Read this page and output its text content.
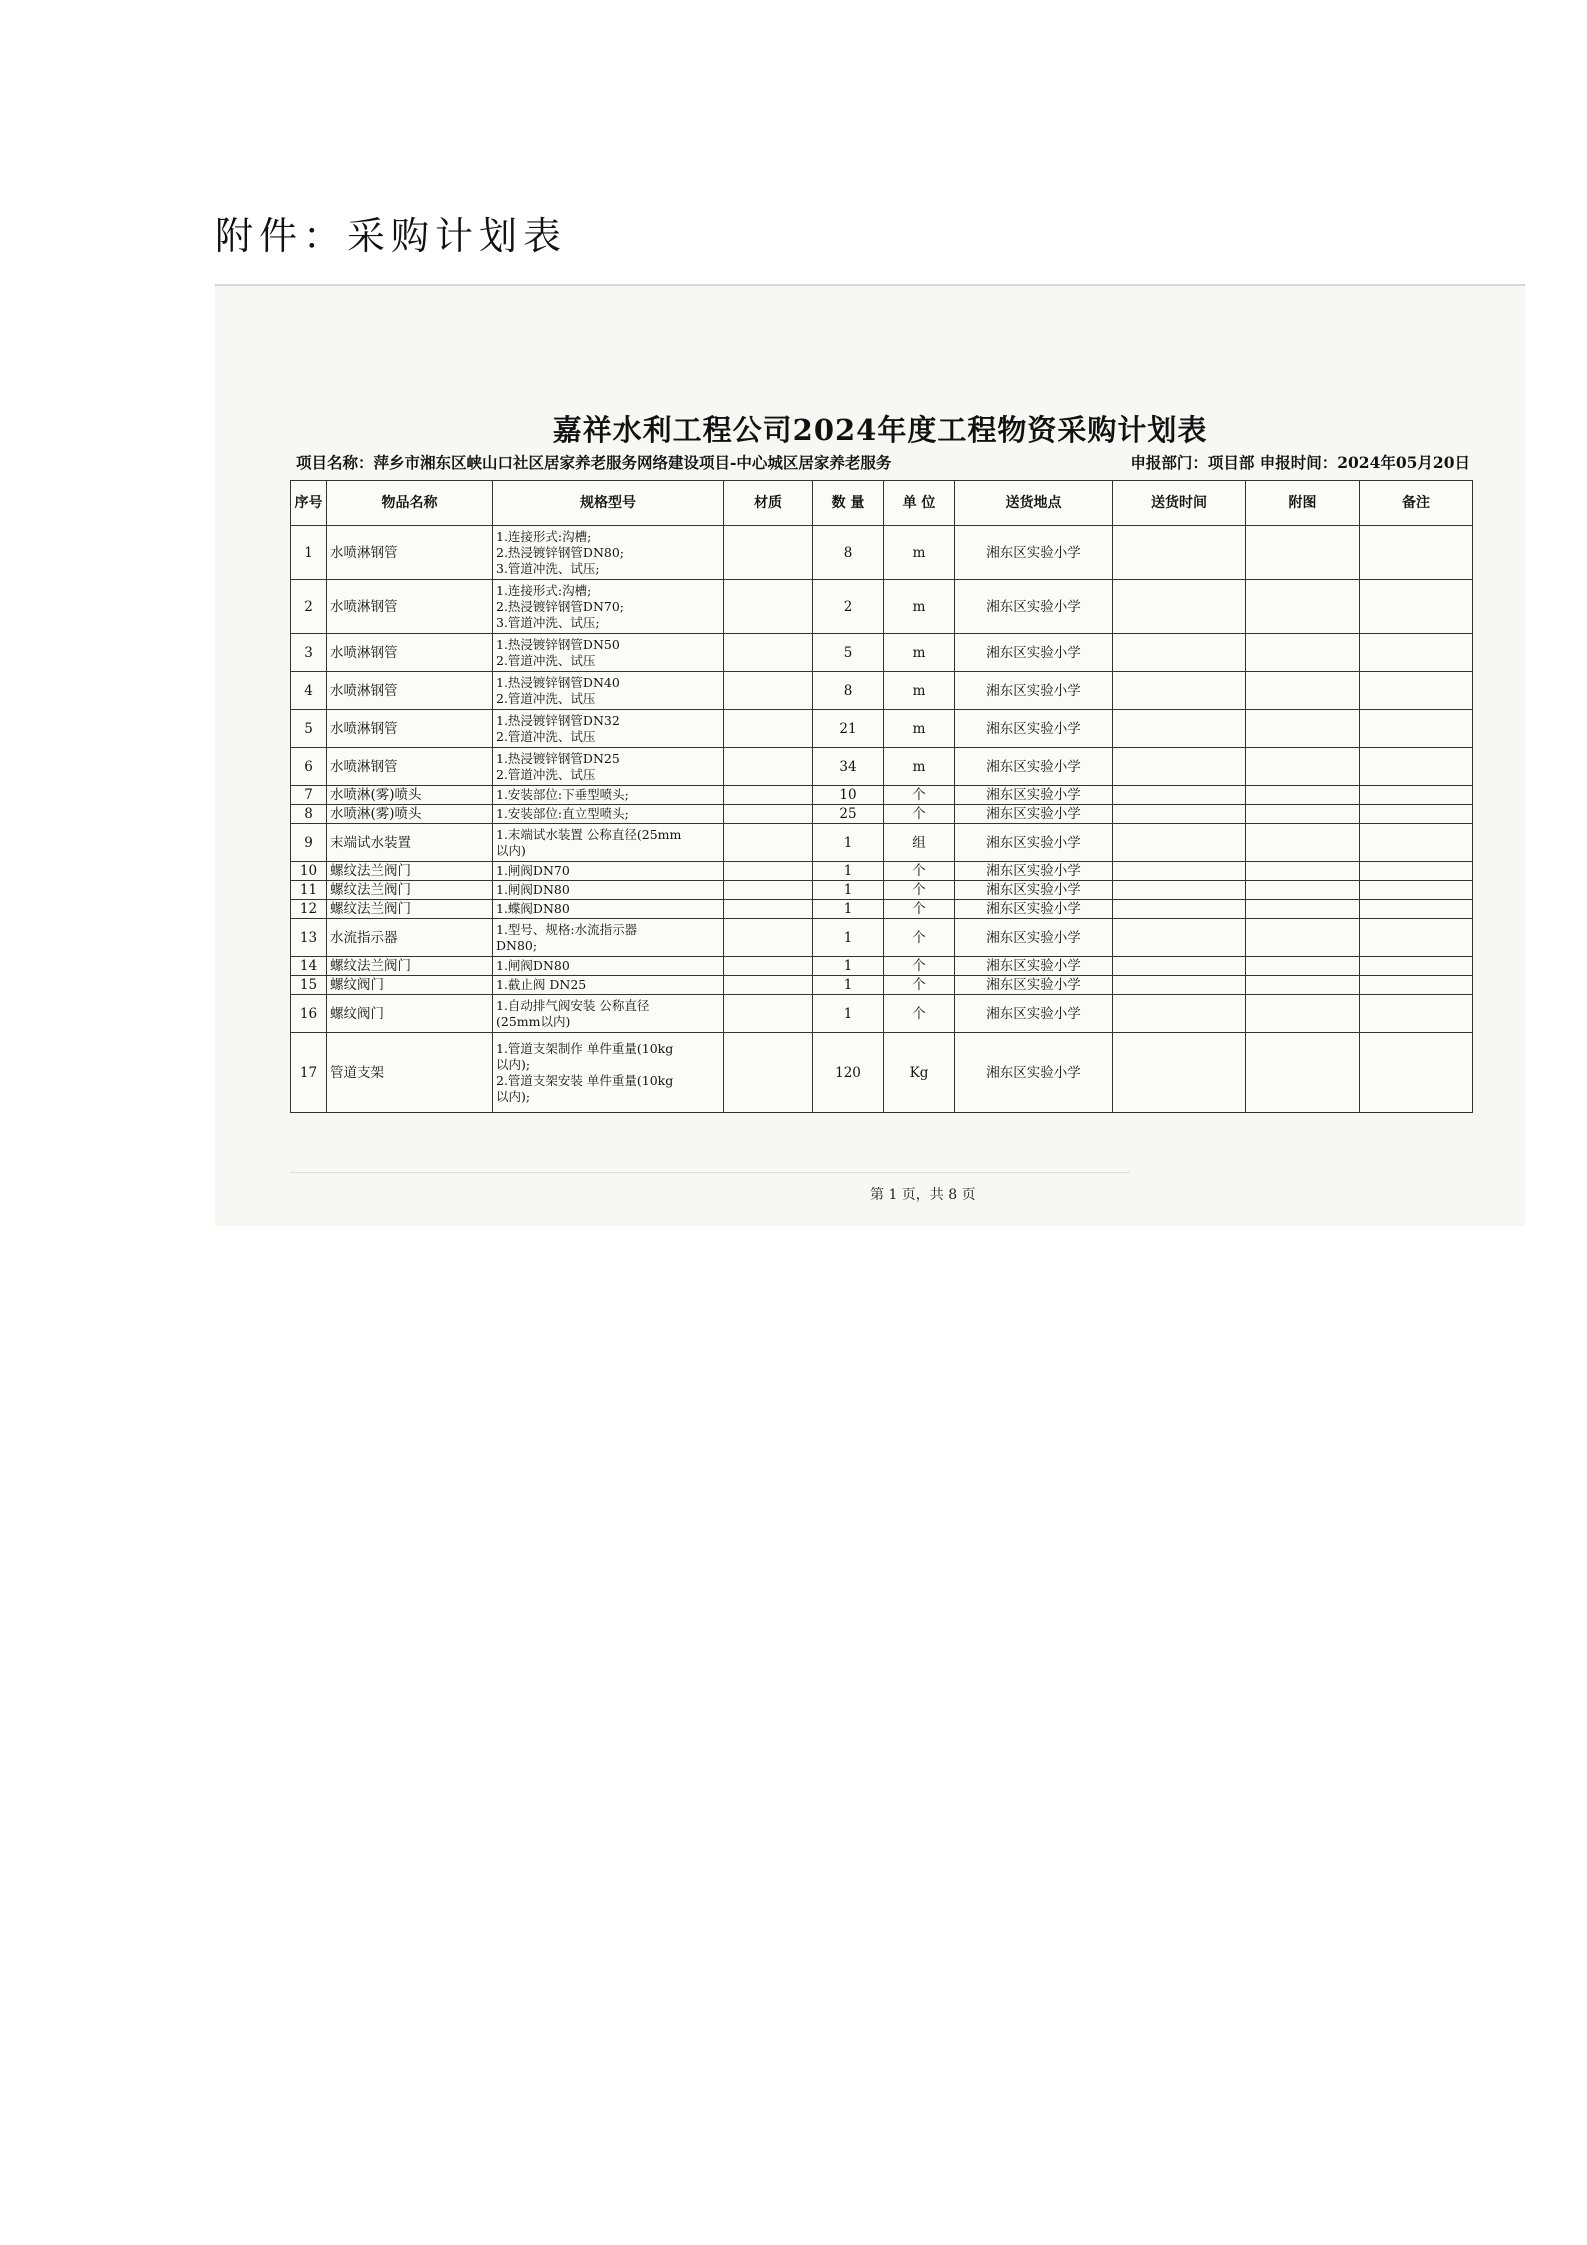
附件：采购计划表
嘉祥水利工程公司2024年度工程物资采购计划表
项目名称：萍乡市湘东区峡山口社区居家养老服务网络建设项目-中心城区居家养老服务	申报部门：项目部 申报时间：2024年05月20日
序号	物品名称	规格型号	材质	数 量	单 位	送货地点	送货时间	附图	备注
1	水喷淋钢管	1.连接形式:沟槽;
2.热浸镀锌钢管DN80;
3.管道冲洗、试压;		8	m	湘东区实验小学			
2	水喷淋钢管	1.连接形式:沟槽;
2.热浸镀锌钢管DN70;
3.管道冲洗、试压;		2	m	湘东区实验小学			
3	水喷淋钢管	1.热浸镀锌钢管DN50
2.管道冲洗、试压		5	m	湘东区实验小学			
4	水喷淋钢管	1.热浸镀锌钢管DN40
2.管道冲洗、试压		8	m	湘东区实验小学			
5	水喷淋钢管	1.热浸镀锌钢管DN32
2.管道冲洗、试压		21	m	湘东区实验小学			
6	水喷淋钢管	1.热浸镀锌钢管DN25
2.管道冲洗、试压		34	m	湘东区实验小学			
7	水喷淋(雾)喷头	1.安装部位:下垂型喷头;		10	个	湘东区实验小学			
8	水喷淋(雾)喷头	1.安装部位:直立型喷头;		25	个	湘东区实验小学			
9	末端试水装置	1.末端试水装置 公称直径(25mm
以内)		1	组	湘东区实验小学			
10	螺纹法兰阀门	1.闸阀DN70		1	个	湘东区实验小学			
11	螺纹法兰阀门	1.闸阀DN80		1	个	湘东区实验小学			
12	螺纹法兰阀门	1.蝶阀DN80		1	个	湘东区实验小学			
13	水流指示器	1.型号、规格:水流指示器
DN80;		1	个	湘东区实验小学			
14	螺纹法兰阀门	1.闸阀DN80		1	个	湘东区实验小学			
15	螺纹阀门	1.截止阀 DN25		1	个	湘东区实验小学			
16	螺纹阀门	1.自动排气阀安装 公称直径
(25mm以内)		1	个	湘东区实验小学			
17	管道支架	1.管道支架制作 单件重量(10kg
以内);
2.管道支架安装 单件重量(10kg
以内);		120	Kg	湘东区实验小学			
第 1 页，共 8 页
